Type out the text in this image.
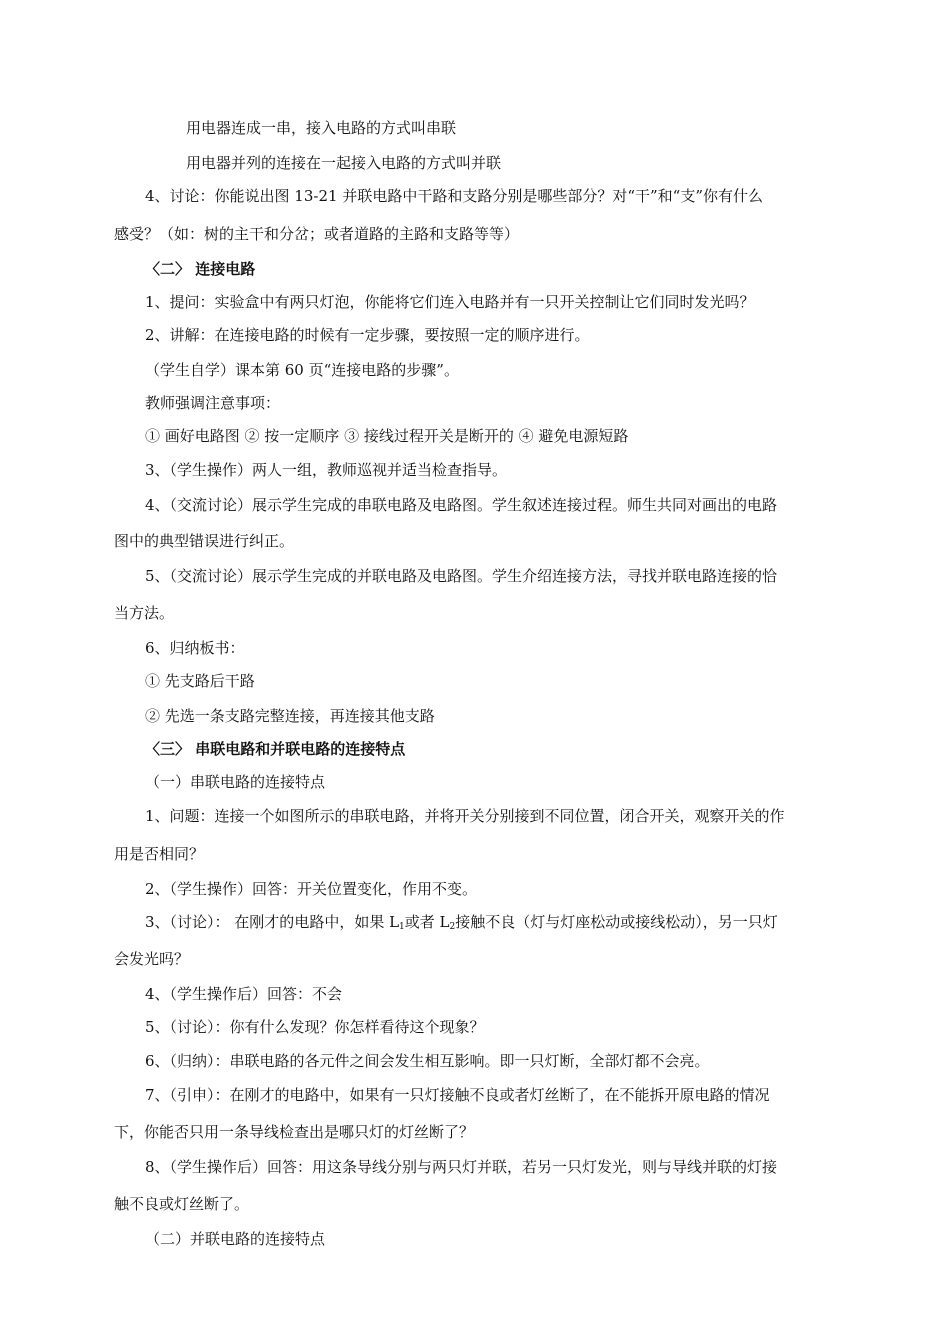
用电器连成一串，接入电路的方式叫串联
用电器并列的连接在一起接入电路的方式叫并联
4、讨论：你能说出图 13-21 并联电路中干路和支路分别是哪些部分？对“干”和“支”你有什么
感受？（如：树的主干和分岔；或者道路的主路和支路等等）
〈二〉 连接电路
1、提问：实验盒中有两只灯泡，你能将它们连入电路并有一只开关控制让它们同时发光吗？
2、讲解：在连接电路的时候有一定步骤，要按照一定的顺序进行。
（学生自学）课本第 60 页“连接电路的步骤”。
教师强调注意事项：
① 画好电路图 ② 按一定顺序 ③ 接线过程开关是断开的 ④ 避免电源短路
3、（学生操作）两人一组，教师巡视并适当检查指导。
4、（交流讨论）展示学生完成的串联电路及电路图。学生叙述连接过程。师生共同对画出的电路
图中的典型错误进行纠正。
5、（交流讨论）展示学生完成的并联电路及电路图。学生介绍连接方法，寻找并联电路连接的恰
当方法。
6、归纳板书：
① 先支路后干路
② 先选一条支路完整连接，再连接其他支路
〈三〉 串联电路和并联电路的连接特点
（一）串联电路的连接特点
1、问题：连接一个如图所示的串联电路，并将开关分别接到不同位置，闭合开关，观察开关的作
用是否相同？
2、（学生操作）回答：开关位置变化，作用不变。
3、（讨论）： 在刚才的电路中，如果 $L_1$或者 $L_2$接触不良（灯与灯座松动或接线松动），另一只灯
会发光吗？
4、（学生操作后）回答：不会
5、（讨论）：你有什么发现？你怎样看待这个现象？
6、（归纳）：串联电路的各元件之间会发生相互影响。即一只灯断，全部灯都不会亮。
7、（引申）：在刚才的电路中，如果有一只灯接触不良或者灯丝断了，在不能拆开原电路的情况
下，你能否只用一条导线检查出是哪只灯的灯丝断了？
8、（学生操作后）回答：用这条导线分别与两只灯并联，若另一只灯发光，则与导线并联的灯接
触不良或灯丝断了。
（二）并联电路的连接特点
